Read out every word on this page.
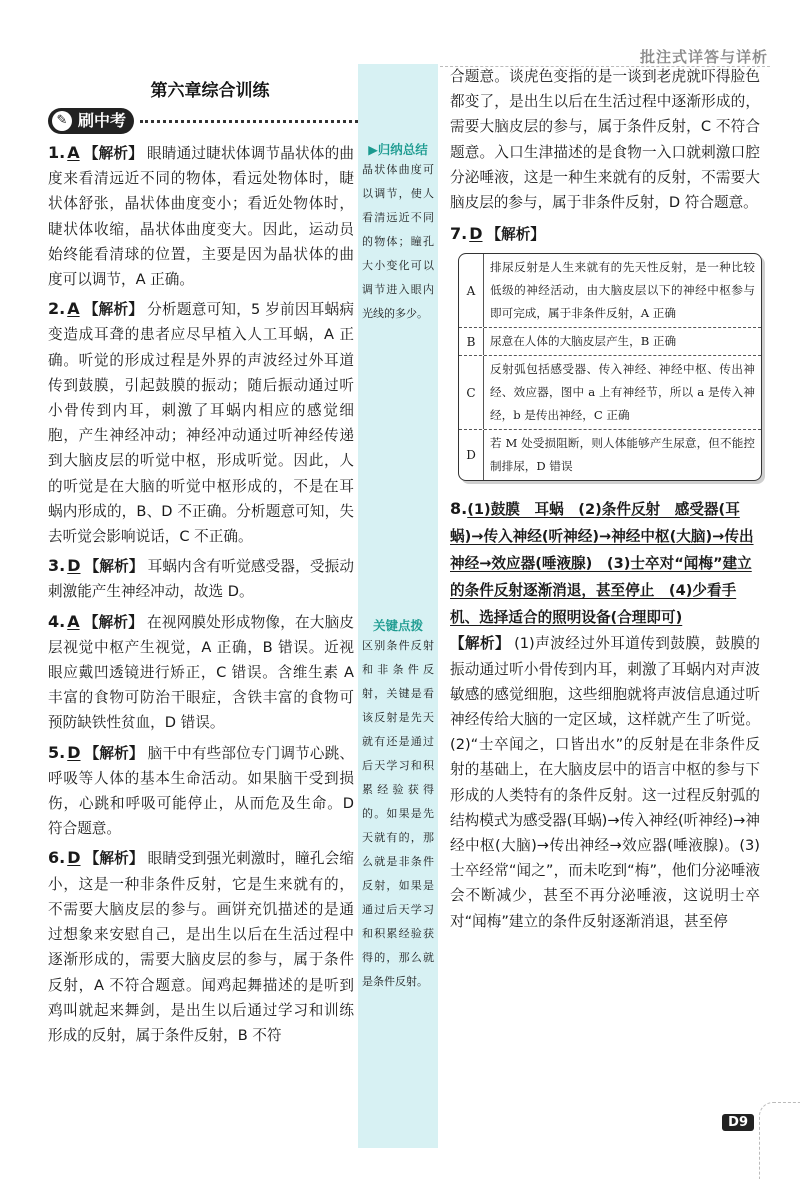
批注式详答与详析
第六章综合训练
✎ 刷中考

1. A 【解析】 眼睛通过睫状体调节晶状体的曲度来看清远近不同的物体，看远处物体时，睫状体舒张，晶状体曲度变小；看近处物体时，睫状体收缩，晶状体曲度变大。因此，运动员始终能看清球的位置，主要是因为晶状体的曲度可以调节，A 正确。

2. A 【解析】 分析题意可知，5 岁前因耳蜗病变造成耳聋的患者应尽早植入人工耳蜗，A 正确。听觉的形成过程是外界的声波经过外耳道传到鼓膜，引起鼓膜的振动；随后振动通过听小骨传到内耳，刺激了耳蜗内相应的感觉细胞，产生神经冲动；神经冲动通过听神经传递到大脑皮层的听觉中枢，形成听觉。因此，人的听觉是在大脑的听觉中枢形成的，不是在耳蜗内形成的，B、D 不正确。分析题意可知，失去听觉会影响说话，C 不正确。

3. D 【解析】 耳蜗内含有听觉感受器，受振动刺激能产生神经冲动，故选 D。

4. A 【解析】 在视网膜处形成物像，在大脑皮层视觉中枢产生视觉，A 正确，B 错误。近视眼应戴凹透镜进行矫正，C 错误。含维生素 A 丰富的食物可防治干眼症，含铁丰富的食物可预防缺铁性贫血，D 错误。

5. D 【解析】 脑干中有些部位专门调节心跳、呼吸等人体的基本生命活动。如果脑干受到损伤，心跳和呼吸可能停止，从而危及生命。D 符合题意。

6. D 【解析】 眼睛受到强光刺激时，瞳孔会缩小，这是一种非条件反射，它是生来就有的，不需要大脑皮层的参与。画饼充饥描述的是通过想象来安慰自己，是出生以后在生活过程中逐渐形成的，需要大脑皮层的参与，属于条件反射，A 不符合题意。闻鸡起舞描述的是听到鸡叫就起来舞剑，是出生以后通过学习和训练形成的反射，属于条件反射，B 不符

▶归纳总结
晶状体曲度可以调节，使人看清远近不同的物体；瞳孔大小变化可以调节进入眼内光线的多少。
关键点拨
区别条件反射和非条件反射，关键是看该反射是先天就有还是通过后天学习和积累经验获得的。如果是先天就有的，那么就是非条件反射，如果是通过后天学习和积累经验获得的，那么就是条件反射。

合题意。谈虎色变指的是一谈到老虎就吓得脸色都变了，是出生以后在生活过程中逐渐形成的，需要大脑皮层的参与，属于条件反射，C 不符合题意。入口生津描述的是食物一入口就刺激口腔分泌唾液，这是一种生来就有的反射，不需要大脑皮层的参与，属于非条件反射，D 符合题意。

7. D 【解析】

A
排尿反射是人生来就有的先天性反射，是一种比较低级的神经活动，由大脑皮层以下的神经中枢参与即可完成，属于非条件反射，A 正确
B	尿意在人体的大脑皮层产生，B 正确
C
反射弧包括感受器、传入神经、神经中枢、传出神经、效应器，图中 a 上有神经节，所以 a 是传入神经，b 是传出神经，C 正确
D
若 M 处受损阻断，则人体能够产生尿意，但不能控制排尿，D 错误

8.(1)鼓膜　耳蜗　(2)条件反射　感受器(耳蜗)→传入神经(听神经)→神经中枢(大脑)→传出神经→效应器(唾液腺)　(3)士卒对“闻梅”建立的条件反射逐渐消退，甚至停止　(4)少看手机、选择适合的照明设备(合理即可)

【解析】 (1)声波经过外耳道传到鼓膜，鼓膜的振动通过听小骨传到内耳，刺激了耳蜗内对声波敏感的感觉细胞，这些细胞就将声波信息通过听神经传给大脑的一定区域，这样就产生了听觉。(2)“士卒闻之，口皆出水”的反射是在非条件反射的基础上，在大脑皮层中的语言中枢的参与下形成的人类特有的条件反射。这一过程反射弧的结构模式为感受器(耳蜗)→传入神经(听神经)→神经中枢(大脑)→传出神经→效应器(唾液腺)。(3)士卒经常“闻之”，而未吃到“梅”，他们分泌唾液会不断减少，甚至不再分泌唾液，这说明士卒对“闻梅”建立的条件反射逐渐消退，甚至停

D9
